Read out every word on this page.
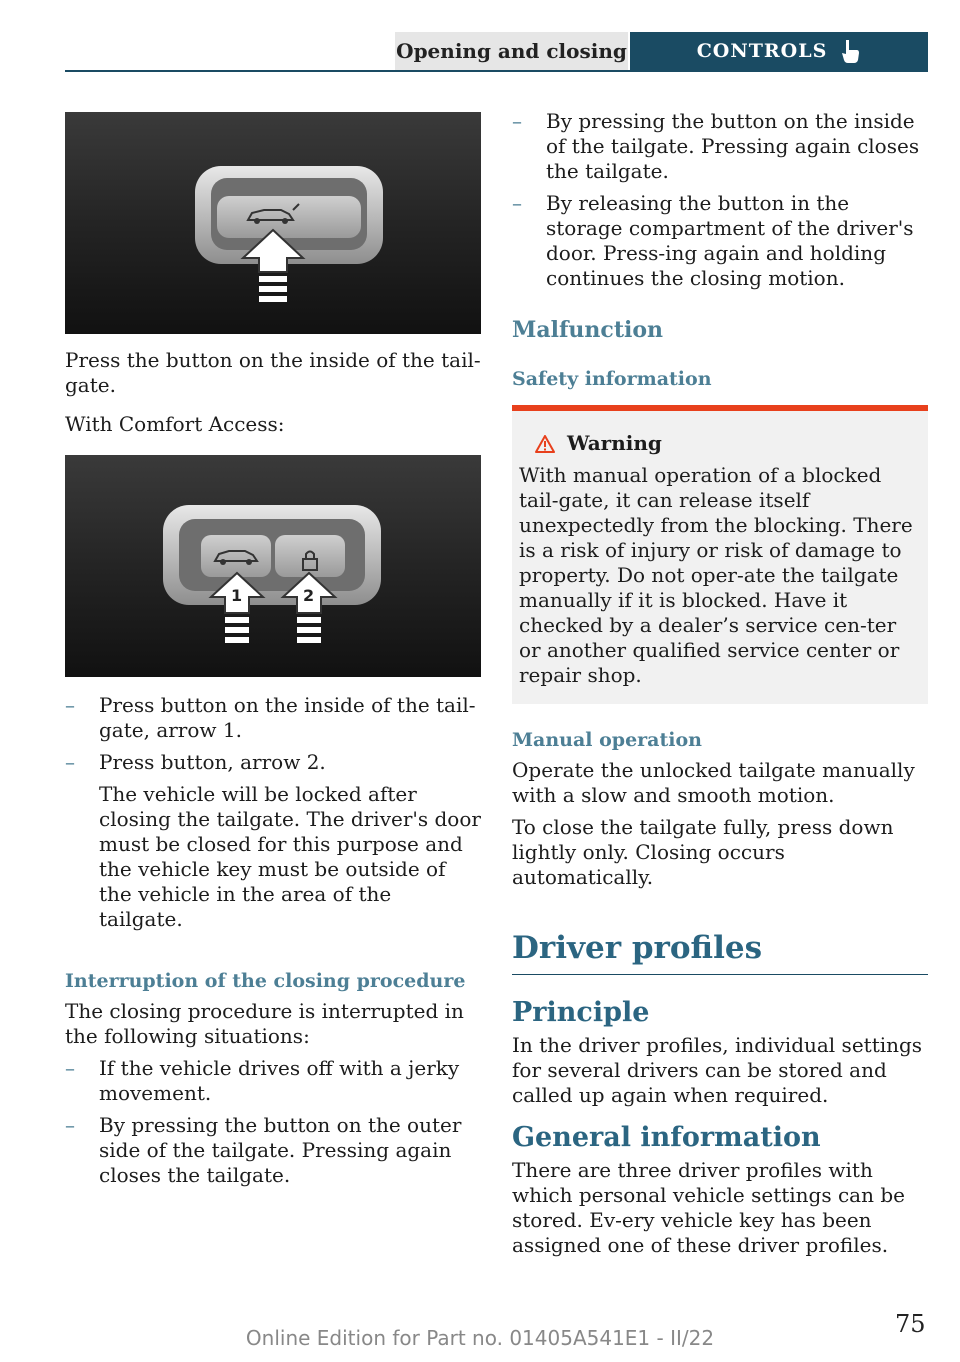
Opening and closing	CONTROLS

Press the button on the inside of the tail-gate.

With Comfort Access:

1	2
–	Press button on the inside of the tail-gate, arrow 1.
–	Press button, arrow 2.

The vehicle will be locked after closing the tailgate. The driver's door must be closed for this purpose and the vehicle key must be outside of the vehicle in the area of the tailgate.

Interruption of the closing procedure

The closing procedure is interrupted in the following situations:

–	If the vehicle drives off with a jerky movement.
–	By pressing the button on the outer side of the tailgate. Pressing again closes the tailgate.
–	By pressing the button on the inside of the tailgate. Pressing again closes the tailgate.
–	By releasing the button in the storage compartment of the driver's door. Press-ing again and holding continues the closing motion.
Malfunction
Safety information
Warning

With manual operation of a blocked tail-gate, it can release itself unexpectedly from the blocking. There is a risk of injury or risk of damage to property. Do not oper-ate the tailgate manually if it is blocked. Have it checked by a dealer’s service cen-ter or another qualified service center or repair shop.

Manual operation

Operate the unlocked tailgate manually with a slow and smooth motion.

To close the tailgate fully, press down lightly only. Closing occurs automatically.

Driver profiles
Principle

In the driver profiles, individual settings for several drivers can be stored and called up again when required.

General information

There are three driver profiles with which personal vehicle settings can be stored. Ev-ery vehicle key has been assigned one of these driver profiles.

75
Online Edition for Part no. 01405A541E1 - II/22
